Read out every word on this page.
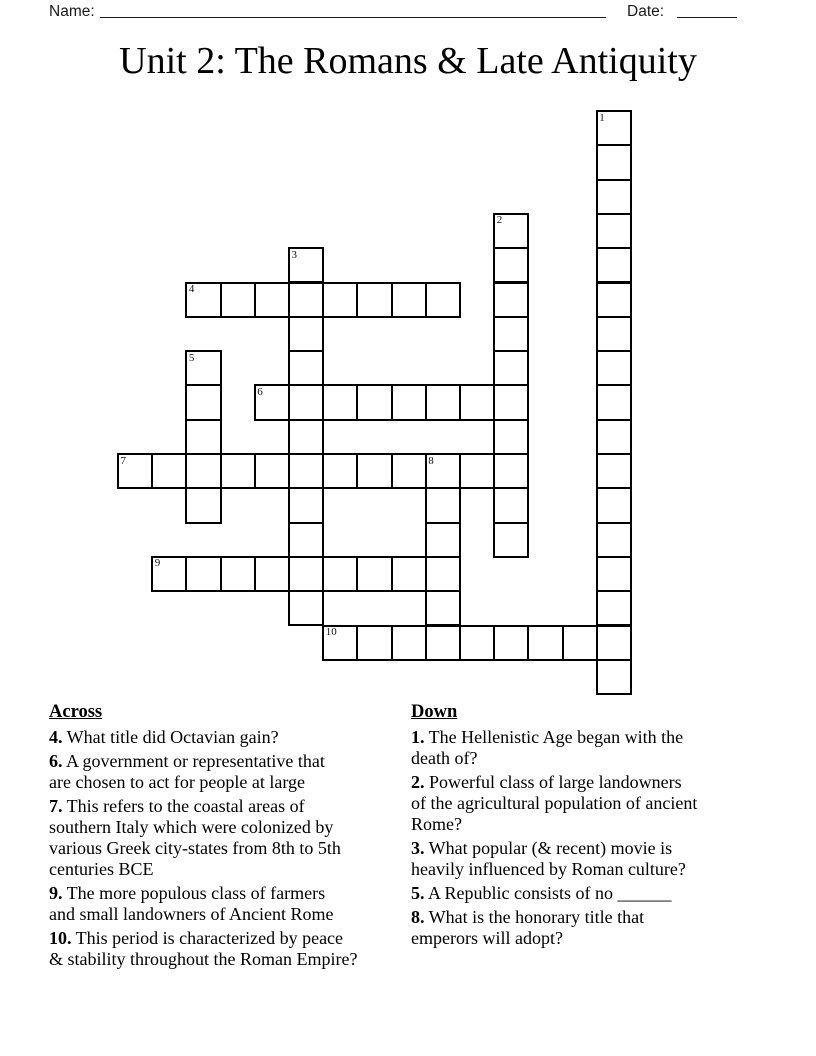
Name:	Date:
Unit 2: The Romans & Late Antiquity
1
2
3
4
5
6
7	8
9
10
Across

4. What title did Octavian gain?

6. A government or representative that
are chosen to act for people at large

7. This refers to the coastal areas of
southern Italy which were colonized by
various Greek city-states from 8th to 5th
centuries BCE

9. The more populous class of farmers
and small landowners of Ancient Rome

10. This period is characterized by peace
& stability throughout the Roman Empire?

Down

1. The Hellenistic Age began with the
death of?

2. Powerful class of large landowners
of the agricultural population of ancient
Rome?

3. What popular (& recent) movie is
heavily influenced by Roman culture?

5. A Republic consists of no ______

8. What is the honorary title that
emperors will adopt?
